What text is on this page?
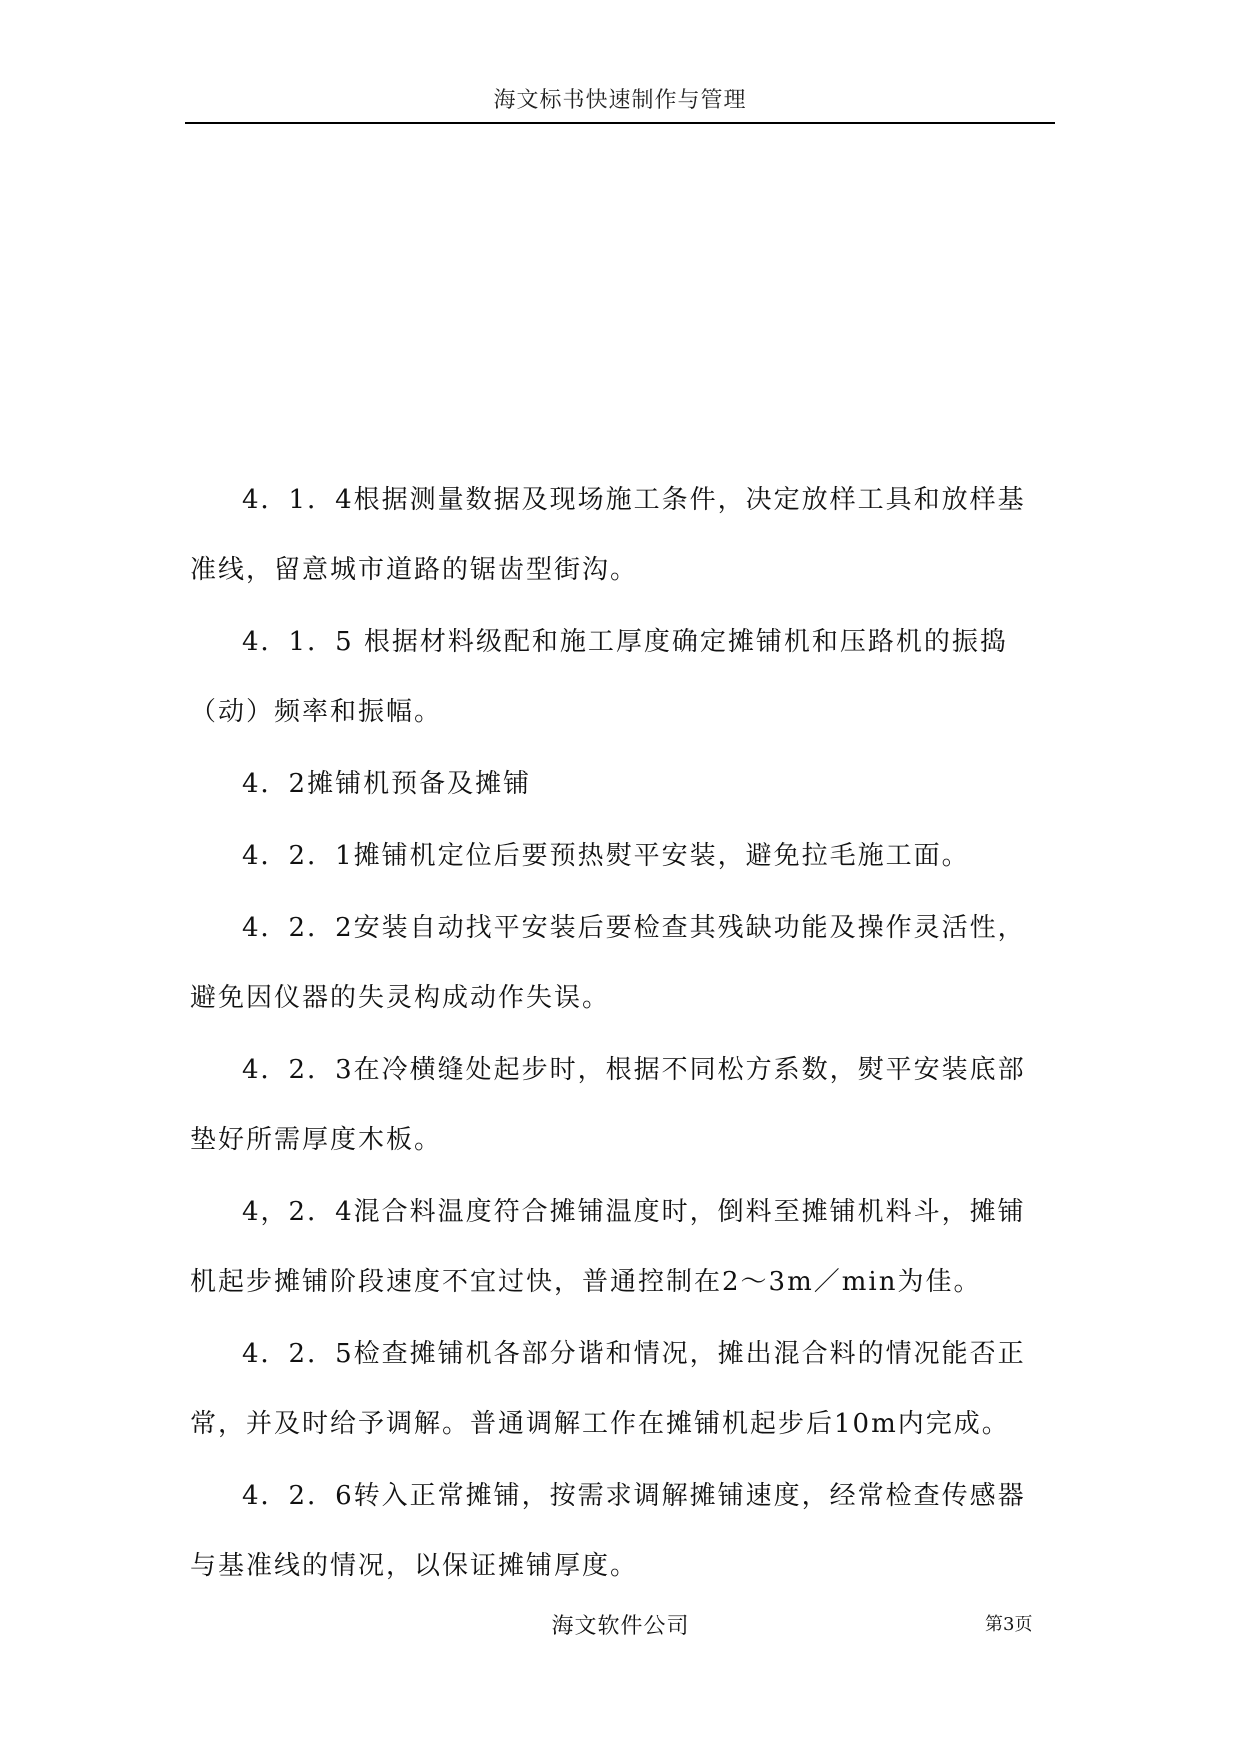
海文标书快速制作与管理

4．1．4根据测量数据及现场施工条件，决定放样工具和放样基准线，留意城市道路的锯齿型街沟。

4．1．5 根据材料级配和施工厚度确定摊铺机和压路机的振捣（动）频率和振幅。

4．2摊铺机预备及摊铺

4．2．1摊铺机定位后要预热熨平安装，避免拉毛施工面。

4．2．2安装自动找平安装后要检查其残缺功能及操作灵活性，避免因仪器的失灵构成动作失误。

4．2．3在冷横缝处起步时，根据不同松方系数，熨平安装底部垫好所需厚度木板。

4，2．4混合料温度符合摊铺温度时，倒料至摊铺机料斗，摊铺机起步摊铺阶段速度不宜过快，普通控制在2～3m／min为佳。

4．2．5检查摊铺机各部分谐和情况，摊出混合料的情况能否正常，并及时给予调解。普通调解工作在摊铺机起步后10m内完成。

4．2．6转入正常摊铺，按需求调解摊铺速度，经常检查传感器与基准线的情况，以保证摊铺厚度。

海文软件公司	第3页
